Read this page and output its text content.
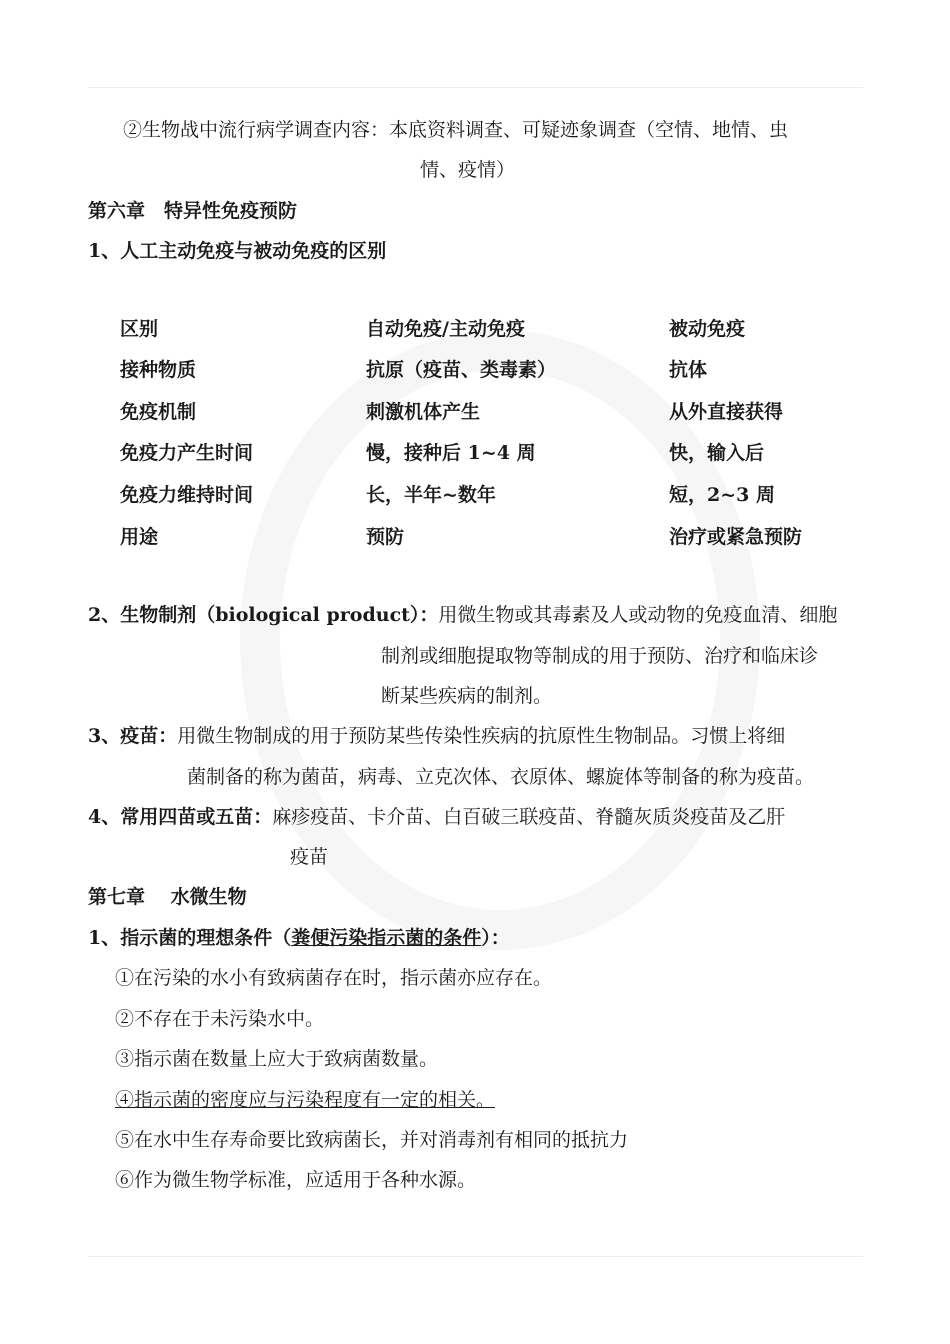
②生物战中流行病学调查内容：本底资料调查、可疑迹象调查（空情、地情、虫
情、疫情）
第六章　特异性免疫预防
1、人工主动免疫与被动免疫的区别
区别	自动免疫/主动免疫	被动免疫
接种物质	抗原（疫苗、类毒素）	抗体
免疫机制	刺激机体产生	从外直接获得
免疫力产生时间	慢，接种后 1~4 周	快，输入后
免疫力维持时间	长，半年~数年	短，2~3 周
用途	预防	治疗或紧急预防
2、生物制剂（biological product）：用微生物或其毒素及人或动物的免疫血清、细胞
制剂或细胞提取物等制成的用于预防、治疗和临床诊
断某些疾病的制剂。
3、疫苗：用微生物制成的用于预防某些传染性疾病的抗原性生物制品。习惯上将细
菌制备的称为菌苗，病毒、立克次体、衣原体、螺旋体等制备的称为疫苗。
4、常用四苗或五苗：麻疹疫苗、卡介苗、白百破三联疫苗、脊髓灰质炎疫苗及乙肝
疫苗
第七章　 水微生物
1、指示菌的理想条件（粪便污染指示菌的条件）：
①在污染的水小有致病菌存在时，指示菌亦应存在。
②不存在于未污染水中。
③指示菌在数量上应大于致病菌数量。
④指示菌的密度应与污染程度有一定的相关。
⑤在水中生存寿命要比致病菌长，并对消毒剂有相同的抵抗力
⑥作为微生物学标准，应适用于各种水源。
